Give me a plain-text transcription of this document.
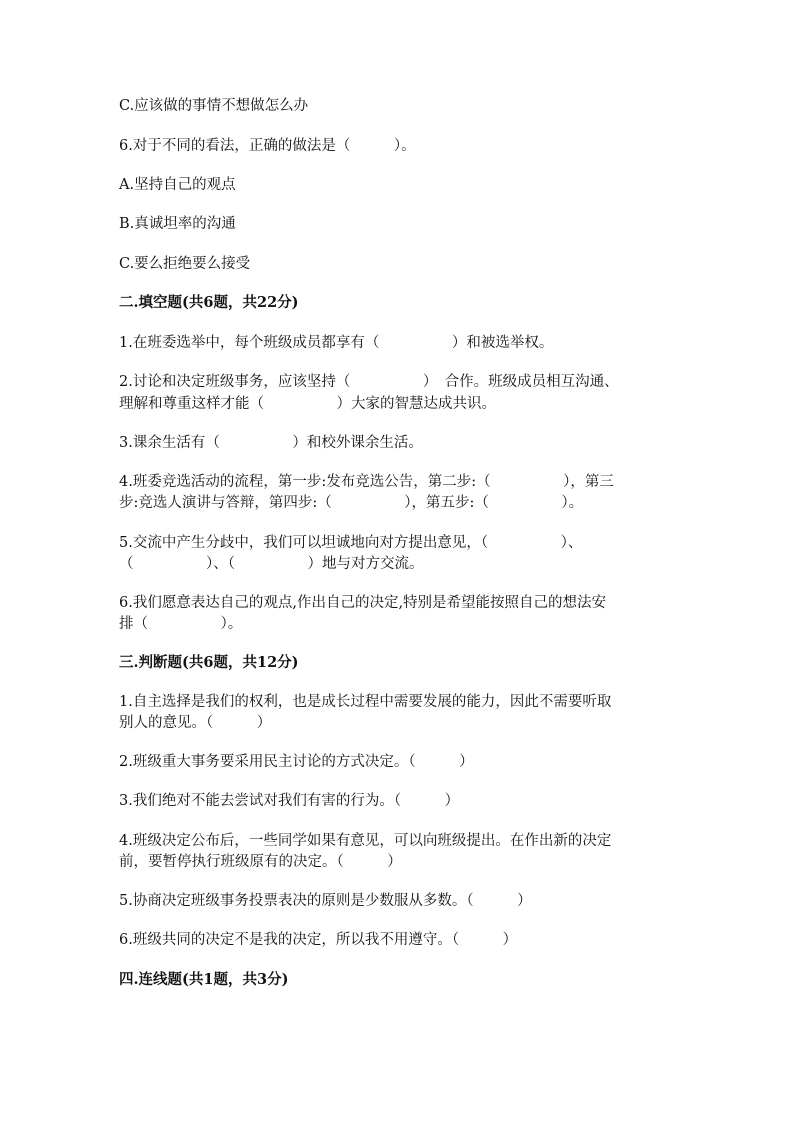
C.应该做的事情不想做怎么办
6.对于不同的看法，正确的做法是（　　　）。
A.坚持自己的观点
B.真诚坦率的沟通
C.要么拒绝要么接受
二.填空题(共6题，共22分)
1.在班委选举中，每个班级成员都享有（　　　　　）和被选举权。
2.讨论和决定班级事务，应该坚持（　　　　　）　合作。班级成员相互沟通、
理解和尊重这样才能（　　　　　）大家的智慧达成共识。
3.课余生活有（　　　　　）和校外课余生活。
4.班委竞选活动的流程，第一步:发布竞选公告，第二步:（　　　　　），第三
步:竞选人演讲与答辩，第四步:（　　　　　），第五步:（　　　　　）。
5.交流中产生分歧中，我们可以坦诚地向对方提出意见，（　　　　　）、
（　　　　　）、（　　　　　）地与对方交流。
6.我们愿意表达自己的观点,作出自己的决定,特别是希望能按照自己的想法安
排（　　　　　）。
三.判断题(共6题，共12分)
1.自主选择是我们的权利，也是成长过程中需要发展的能力，因此不需要听取
别人的意见。（　　　）
2.班级重大事务要采用民主讨论的方式决定。（　　　）
3.我们绝对不能去尝试对我们有害的行为。（　　　）
4.班级决定公布后，一些同学如果有意见，可以向班级提出。在作出新的决定
前，要暂停执行班级原有的决定。（　　　）
5.协商决定班级事务投票表决的原则是少数服从多数。（　　　）
6.班级共同的决定不是我的决定，所以我不用遵守。（　　　）
四.连线题(共1题，共3分)
